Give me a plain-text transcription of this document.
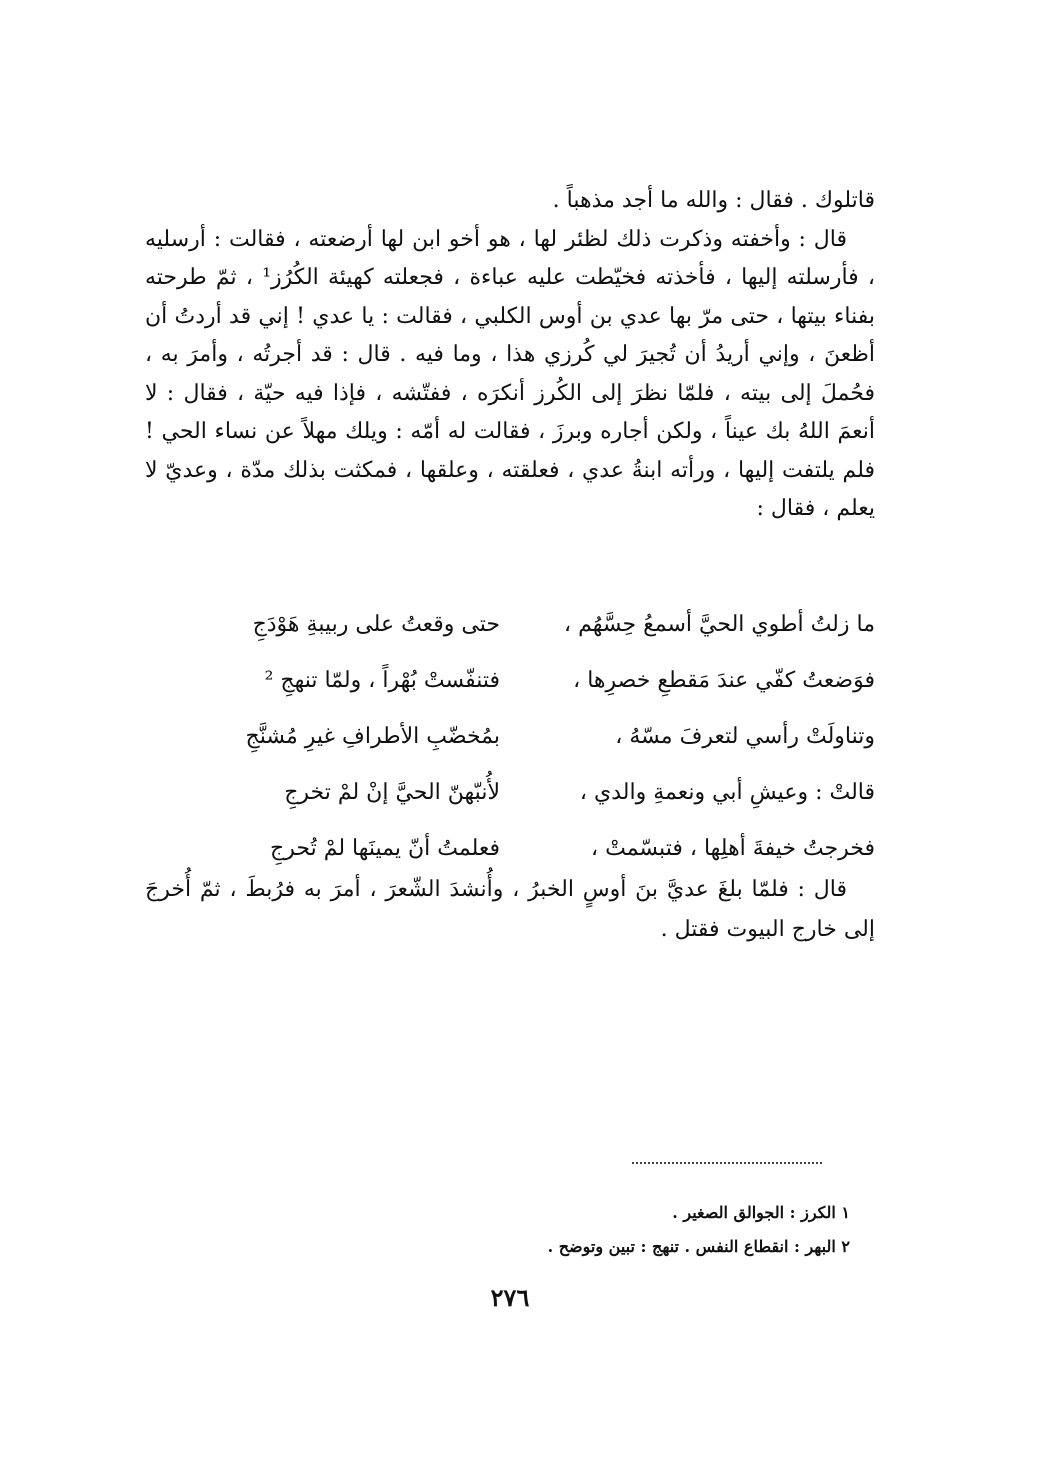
قاتلوك . فقال : والله ما أجد مذهباً .

قال : وأخفته وذكرت ذلك لظئر لها ، هو أخو ابن لها أرضعته ، فقالت : أرسليه ، فأرسلته إليها ، فأخذته فخيّطت عليه عباءة ، فجعلته كهيئة الكُرُز¹ ، ثمّ طرحته بفناء بيتها ، حتى مرّ بها عدي بن أوس الكلبي ، فقالت : يا عدي ! إني قد أردتُ أن أظعنَ ، وإني أريدُ أن تُجيرَ لي كُرزي هذا ، وما فيه . قال : قد أجرتُه ، وأمرَ به ، فحُملَ إلى بيته ، فلمّا نظرَ إلى الكُرز أنكرَه ، ففتّشه ، فإذا فيه حيّة ، فقال : لا أنعمَ اللهُ بك عيناً ، ولكن أجاره وبرزَ ، فقالت له أمّه : ويلك مهلاً عن نساء الحي ! فلم يلتفت إليها ، ورأته ابنةُ عدي ، فعلقته ، وعلقها ، فمكثت بذلك مدّة ، وعديّ لا يعلم ، فقال :

ما زلتُ أطوي الحيَّ أسمعُ حِسَّهُم ،
حتى وقعتُ على ربيبةِ هَوْدَجِ
فوَضعتُ كفّي عندَ مَقطعِ خصرِها ،
فتنفّستْ بُهْراً ، ولمّا تنهجِ ²
وتناولَتْ رأسي لتعرفَ مسّهُ ،
بمُخضّبِ الأطرافِ غيرِ مُشنَّجِ
قالتْ : وعيشِ أبي ونعمةِ والدي ،
لأُنبّهنّ الحيَّ إنْ لمْ تخرجِ
فخرجتُ خيفةَ أهلِها ، فتبسّمتْ ،
فعلمتُ أنّ يمينَها لمْ تُحرجِ

قال : فلمّا بلغَ عديَّ بنَ أوسٍ الخبرُ ، وأُنشدَ الشّعرَ ، أمرَ به فرُبطَ ، ثمّ أُخرجَ إلى خارج البيوت فقتل .

١ الكرز : الجوالق الصغير .

٢ البهر : انقطاع النفس . تنهج : تبين وتوضح .

٢٧٦
